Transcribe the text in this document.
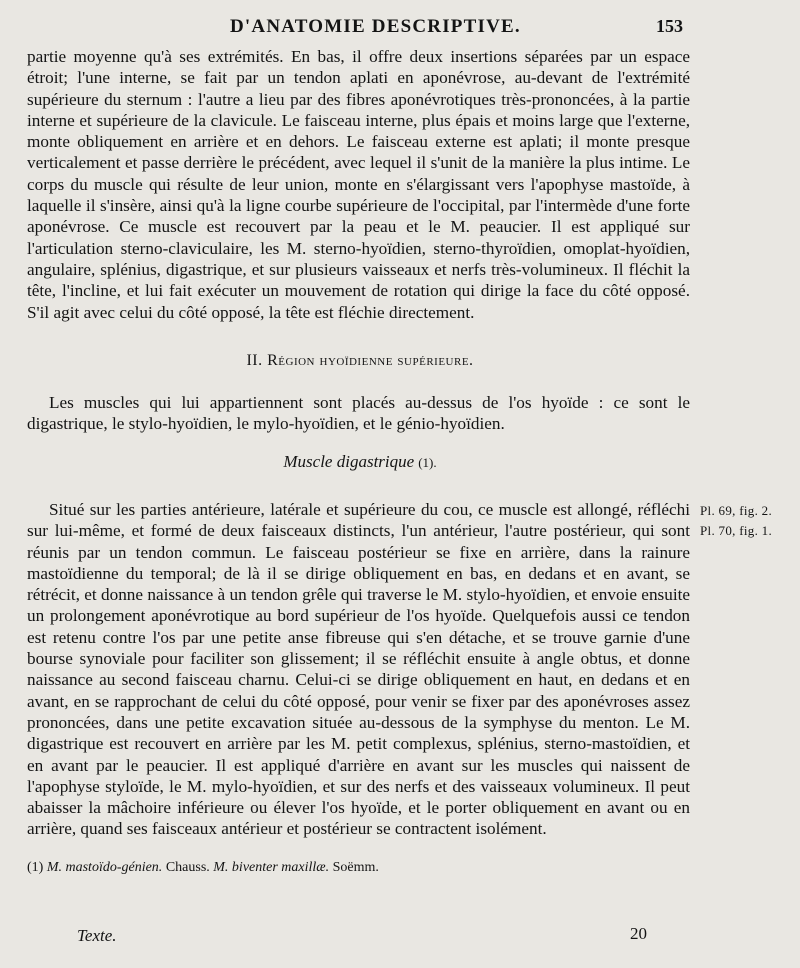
D'ANATOMIE DESCRIPTIVE.	153

partie moyenne qu'à ses extrémités. En bas, il offre deux insertions séparées par un espace étroit; l'une interne, se fait par un tendon aplati en aponévrose, au-devant de l'extrémité supérieure du sternum : l'autre a lieu par des fibres aponévrotiques très-prononcées, à la partie interne et supérieure de la clavicule. Le faisceau interne, plus épais et moins large que l'externe, monte obliquement en arrière et en dehors. Le faisceau externe est aplati; il monte presque verticalement et passe derrière le précédent, avec lequel il s'unit de la manière la plus intime. Le corps du muscle qui résulte de leur union, monte en s'élargissant vers l'apophyse mastoïde, à laquelle il s'insère, ainsi qu'à la ligne courbe supérieure de l'occipital, par l'intermède d'une forte aponévrose. Ce muscle est recouvert par la peau et le M. peaucier. Il est appliqué sur l'articulation sterno-claviculaire, les M. sterno-hyoïdien, sterno-thyroïdien, omoplat-hyoïdien, angulaire, splénius, digastrique, et sur plusieurs vaisseaux et nerfs très-volumineux. Il fléchit la tête, l'incline, et lui fait exécuter un mouvement de rotation qui dirige la face du côté opposé. S'il agit avec celui du côté opposé, la tête est fléchie directement.

II. Région hyoïdienne supérieure.

Les muscles qui lui appartiennent sont placés au-dessus de l'os hyoïde : ce sont le digastrique, le stylo-hyoïdien, le mylo-hyoïdien, et le génio-hyoïdien.

Muscle digastrique (1).

Situé sur les parties antérieure, latérale et supérieure du cou, ce muscle est allongé, réfléchi sur lui-même, et formé de deux faisceaux distincts, l'un antérieur, l'autre postérieur, qui sont réunis par un tendon commun. Le faisceau postérieur se fixe en arrière, dans la rainure mastoïdienne du temporal; de là il se dirige obliquement en bas, en dedans et en avant, se rétrécit, et donne naissance à un tendon grêle qui traverse le M. stylo-hyoïdien, et envoie ensuite un prolongement aponévrotique au bord supérieur de l'os hyoïde. Quelquefois aussi ce tendon est retenu contre l'os par une petite anse fibreuse qui s'en détache, et se trouve garnie d'une bourse synoviale pour faciliter son glissement; il se réfléchit ensuite à angle obtus, et donne naissance au second faisceau charnu. Celui-ci se dirige obliquement en haut, en dedans et en avant, en se rapprochant de celui du côté opposé, pour venir se fixer par des aponévroses assez prononcées, dans une petite excavation située au-dessous de la symphyse du menton. Le M. digastrique est recouvert en arrière par les M. petit complexus, splénius, sterno-mastoïdien, et en avant par le peaucier. Il est appliqué d'arrière en avant sur les muscles qui naissent de l'apophyse styloïde, le M. mylo-hyoïdien, et sur des nerfs et des vaisseaux volumineux. Il peut abaisser la mâchoire inférieure ou élever l'os hyoïde, et le porter obliquement en avant ou en arrière, quand ses faisceaux antérieur et postérieur se contractent isolément.

Pl. 69, fig. 2.
Pl. 70, fig. 1.
(1) M. mastoïdo-génien. Chauss. M. biventer maxillæ. Soëmm.
Texte.	20
